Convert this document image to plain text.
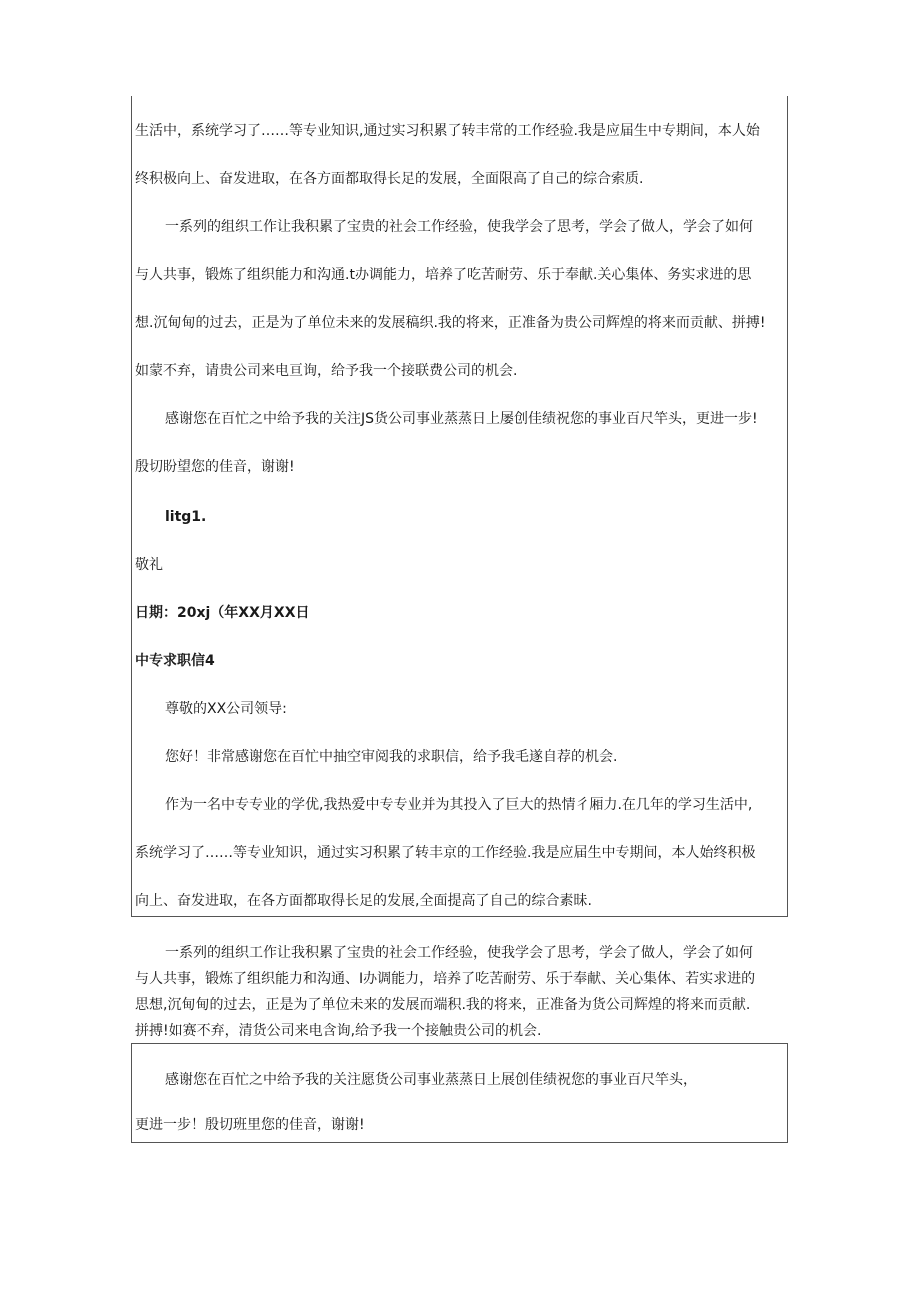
生活中，系统学习了……等专业知识,通过实习积累了转丰常的工作经验.我是应届生中专期间，本人始
终积极向上、奋发进取，在各方面都取得长足的发展，全面限高了自己的综合索质.
一系列的组织工作让我积累了宝贵的社会工作经验，使我学会了思考，学会了做人，学会了如何
与人共事，锻炼了组织能力和沟通.t办调能力，培养了吃苦耐劳、乐于奉献.关心集体、务实求进的思
想.沉甸甸的过去，正是为了单位未来的发展稿织.我的将来，正准备为贵公司辉煌的将来而贡献、拼搏!
如蒙不弃，请贵公司来电亘询，给予我一个接联费公司的机会.
感谢您在百忙之中给予我的关注JS货公司事业蒸蒸日上屡创佳绩祝您的事业百尺竿头，更进一步!
殷切盼望您的佳音，谢谢!
litg1.
敬礼
日期：20xj（年XX月XX日
中专求职信4
尊敬的XX公司领导:
您好！非常感谢您在百忙中抽空审阅我的求职信，给予我毛遂自荐的机会.
作为一名中专专业的学优,我热爱中专专业并为其投入了巨大的热情彳厢力.在几年的学习生活中,
系统学习了……等专业知识，通过实习积累了转丰京的工作经验.我是应届生中专期间，本人始终积极
向上、奋发进取，在各方面都取得长足的发展,全面提高了自己的综合素昧.
一系列的组织工作让我积累了宝贵的社会工作经验，使我学会了思考，学会了做人，学会了如何
与人共事，锻炼了组织能力和沟通、I办调能力，培养了吃苦耐劳、乐于奉献、关心集体、若实求进的
思想,沉甸甸的过去，正是为了单位未来的发展而端积.我的将来，正准备为货公司辉煌的将来而贡献.
拼搏!如赛不弃，清货公司来电含询,给予我一个接触贵公司的机会.
感谢您在百忙之中给予我的关注愿货公司事业蒸蒸日上展创佳绩祝您的事业百尺竿头，
更进一步！殷切班里您的佳音，谢谢!
